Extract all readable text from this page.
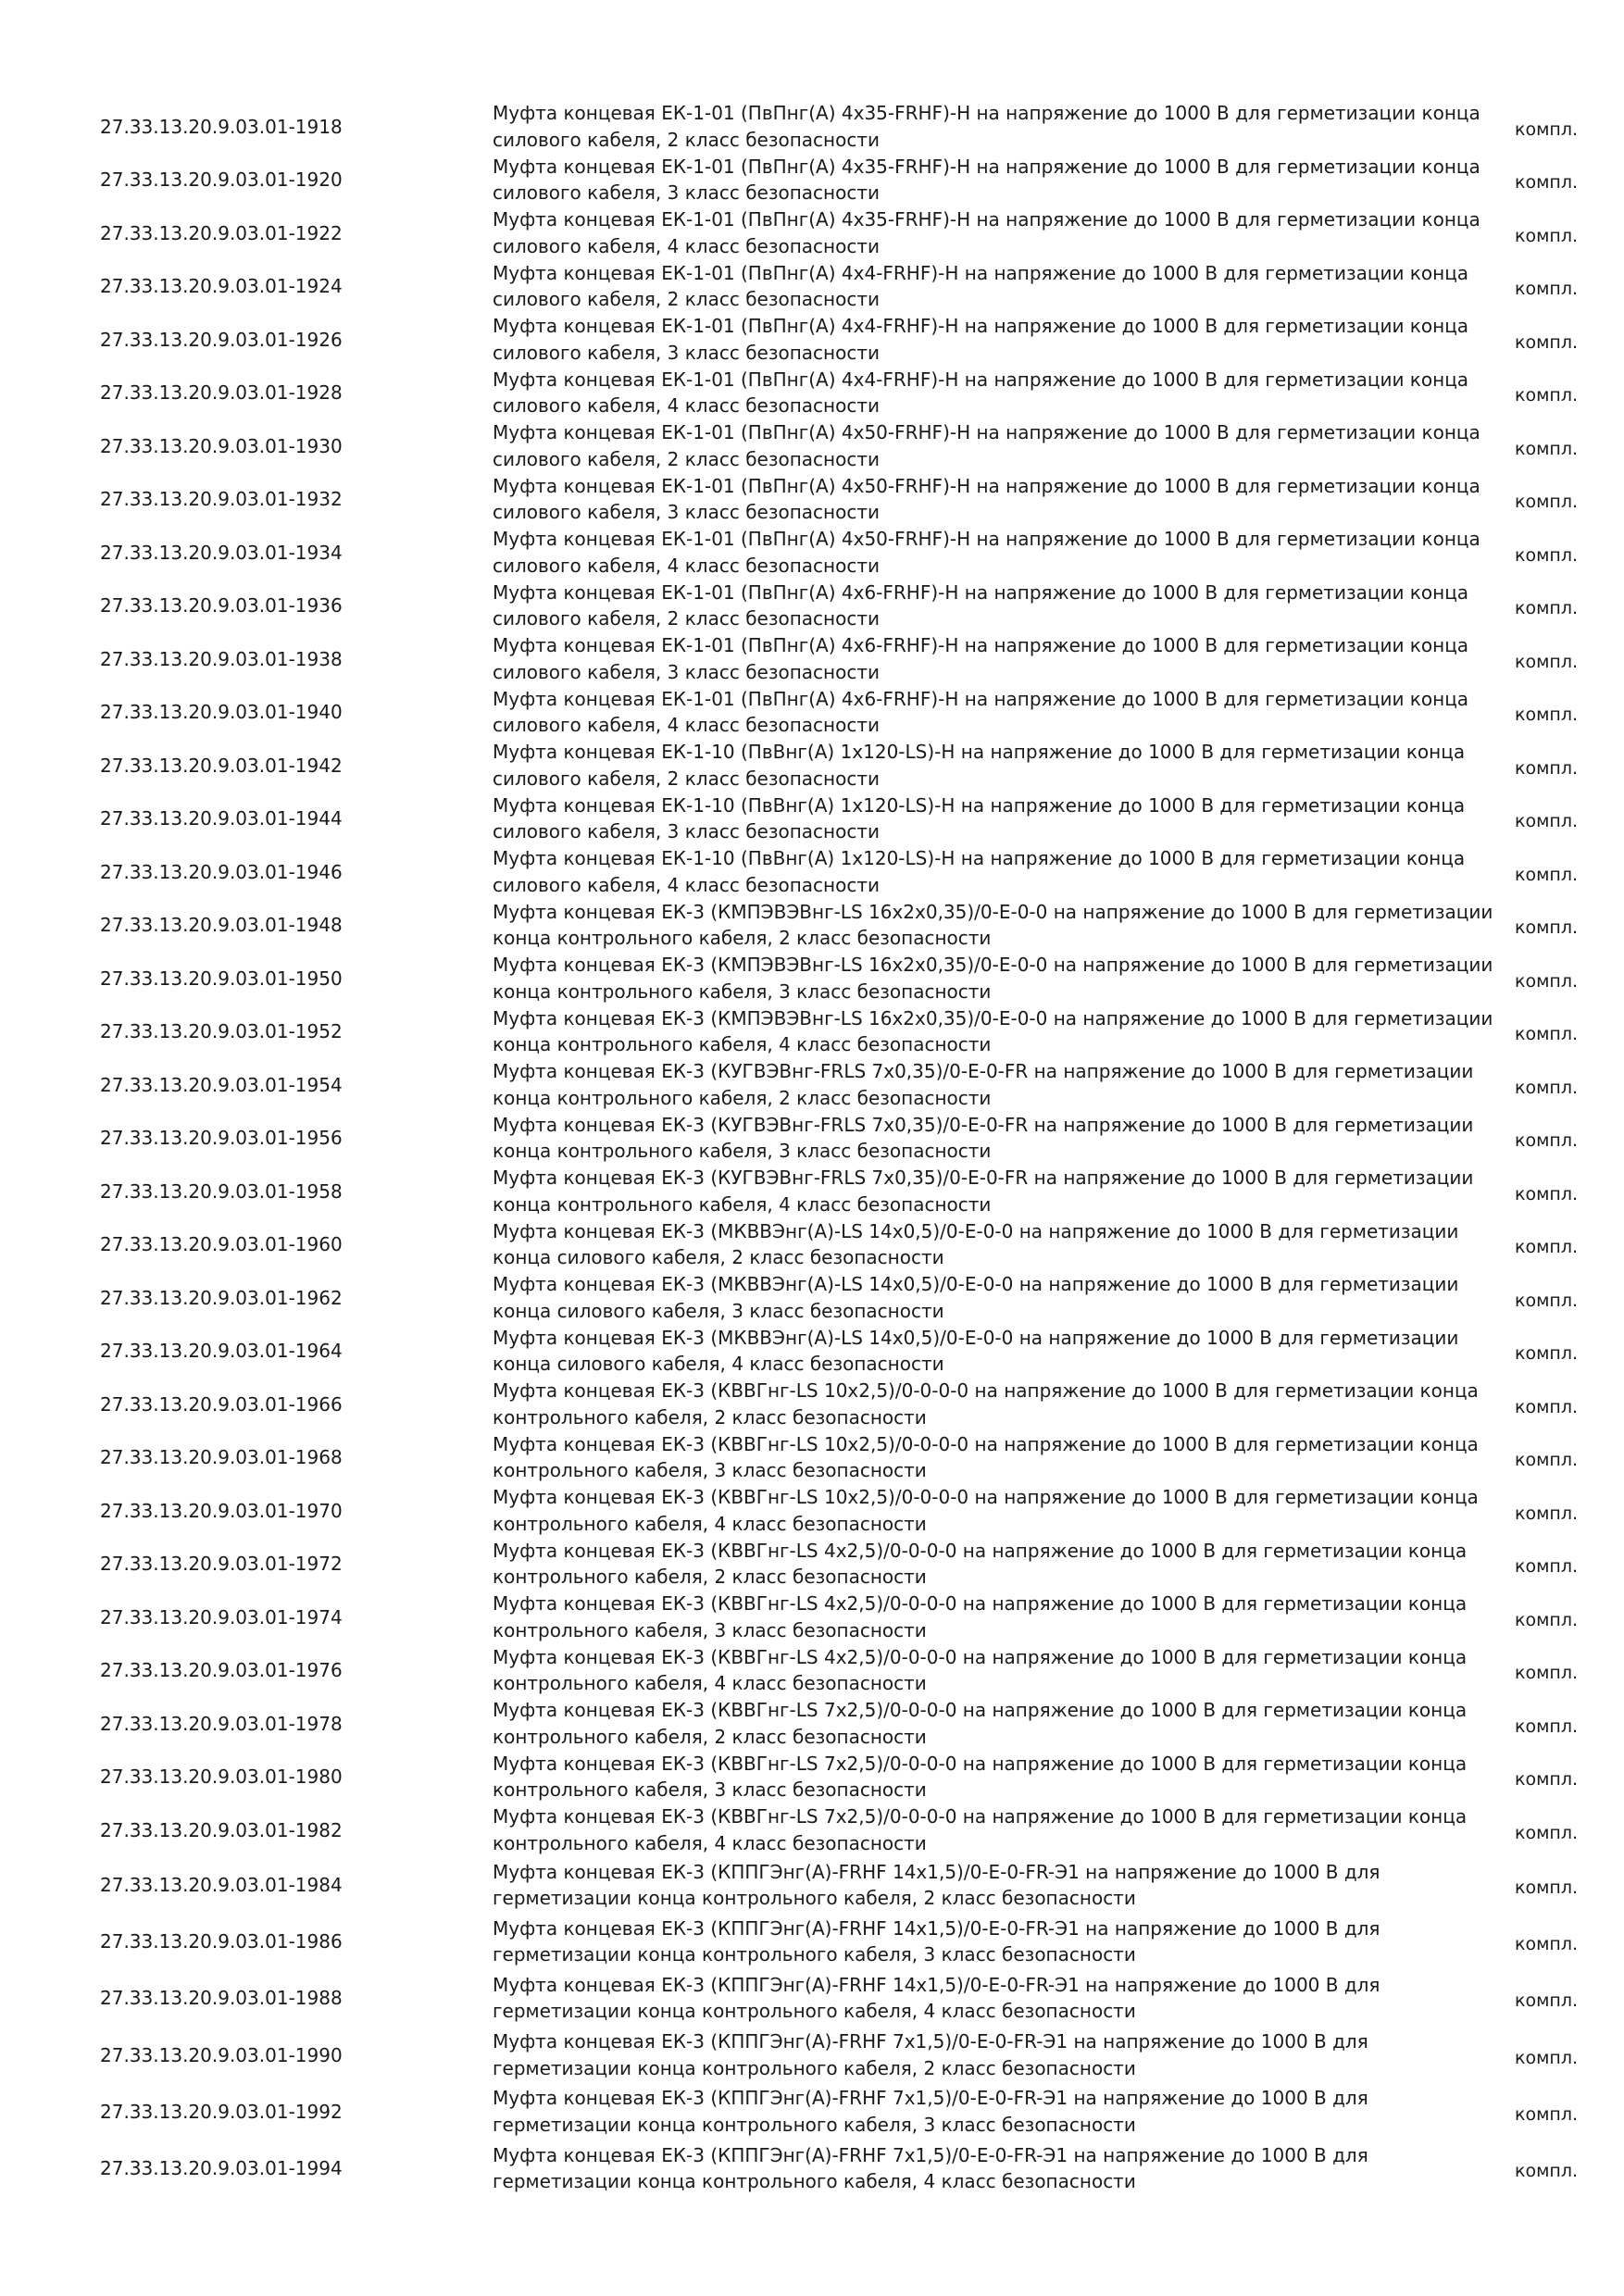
27.33.13.20.9.03.01-1918
Муфта концевая ЕК-1-01 (ПвПнг(А) 4х35-FRHF)-Н на напряжение до 1000 В для герметизации конца
силового кабеля, 2 класс безопасности	компл.
27.33.13.20.9.03.01-1920
Муфта концевая ЕК-1-01 (ПвПнг(А) 4х35-FRHF)-Н на напряжение до 1000 В для герметизации конца
силового кабеля, 3 класс безопасности	компл.
27.33.13.20.9.03.01-1922
Муфта концевая ЕК-1-01 (ПвПнг(А) 4х35-FRHF)-Н на напряжение до 1000 В для герметизации конца
силового кабеля, 4 класс безопасности	компл.
27.33.13.20.9.03.01-1924
Муфта концевая ЕК-1-01 (ПвПнг(А) 4х4-FRHF)-Н на напряжение до 1000 В для герметизации конца
силового кабеля, 2 класс безопасности	компл.
27.33.13.20.9.03.01-1926
Муфта концевая ЕК-1-01 (ПвПнг(А) 4х4-FRHF)-Н на напряжение до 1000 В для герметизации конца
силового кабеля, 3 класс безопасности	компл.
27.33.13.20.9.03.01-1928
Муфта концевая ЕК-1-01 (ПвПнг(А) 4х4-FRHF)-Н на напряжение до 1000 В для герметизации конца
силового кабеля, 4 класс безопасности	компл.
27.33.13.20.9.03.01-1930
Муфта концевая ЕК-1-01 (ПвПнг(А) 4х50-FRHF)-Н на напряжение до 1000 В для герметизации конца
силового кабеля, 2 класс безопасности	компл.
27.33.13.20.9.03.01-1932
Муфта концевая ЕК-1-01 (ПвПнг(А) 4х50-FRHF)-Н на напряжение до 1000 В для герметизации конца
силового кабеля, 3 класс безопасности	компл.
27.33.13.20.9.03.01-1934
Муфта концевая ЕК-1-01 (ПвПнг(А) 4х50-FRHF)-Н на напряжение до 1000 В для герметизации конца
силового кабеля, 4 класс безопасности	компл.
27.33.13.20.9.03.01-1936
Муфта концевая ЕК-1-01 (ПвПнг(А) 4х6-FRHF)-Н на напряжение до 1000 В для герметизации конца
силового кабеля, 2 класс безопасности	компл.
27.33.13.20.9.03.01-1938
Муфта концевая ЕК-1-01 (ПвПнг(А) 4х6-FRHF)-Н на напряжение до 1000 В для герметизации конца
силового кабеля, 3 класс безопасности	компл.
27.33.13.20.9.03.01-1940
Муфта концевая ЕК-1-01 (ПвПнг(А) 4х6-FRHF)-Н на напряжение до 1000 В для герметизации конца
силового кабеля, 4 класс безопасности	компл.
27.33.13.20.9.03.01-1942
Муфта концевая ЕК-1-10 (ПвВнг(А) 1х120-LS)-Н на напряжение до 1000 В для герметизации конца
силового кабеля, 2 класс безопасности	компл.
27.33.13.20.9.03.01-1944
Муфта концевая ЕК-1-10 (ПвВнг(А) 1х120-LS)-Н на напряжение до 1000 В для герметизации конца
силового кабеля, 3 класс безопасности	компл.
27.33.13.20.9.03.01-1946
Муфта концевая ЕК-1-10 (ПвВнг(А) 1х120-LS)-Н на напряжение до 1000 В для герметизации конца
силового кабеля, 4 класс безопасности	компл.
27.33.13.20.9.03.01-1948
Муфта концевая ЕК-3 (КМПЭВЭВнг-LS 16х2х0,35)/0-Е-0-0 на напряжение до 1000 В для герметизации
конца контрольного кабеля, 2 класс безопасности	компл.
27.33.13.20.9.03.01-1950
Муфта концевая ЕК-3 (КМПЭВЭВнг-LS 16х2х0,35)/0-Е-0-0 на напряжение до 1000 В для герметизации
конца контрольного кабеля, 3 класс безопасности	компл.
27.33.13.20.9.03.01-1952
Муфта концевая ЕК-3 (КМПЭВЭВнг-LS 16х2х0,35)/0-Е-0-0 на напряжение до 1000 В для герметизации
конца контрольного кабеля, 4 класс безопасности	компл.
27.33.13.20.9.03.01-1954
Муфта концевая ЕК-3 (КУГВЭВнг-FRLS 7х0,35)/0-Е-0-FR на напряжение до 1000 В для герметизации
конца контрольного кабеля, 2 класс безопасности	компл.
27.33.13.20.9.03.01-1956
Муфта концевая ЕК-3 (КУГВЭВнг-FRLS 7х0,35)/0-Е-0-FR на напряжение до 1000 В для герметизации
конца контрольного кабеля, 3 класс безопасности	компл.
27.33.13.20.9.03.01-1958
Муфта концевая ЕК-3 (КУГВЭВнг-FRLS 7х0,35)/0-Е-0-FR на напряжение до 1000 В для герметизации
конца контрольного кабеля, 4 класс безопасности	компл.
27.33.13.20.9.03.01-1960
Муфта концевая ЕК-3 (МКВВЭнг(А)-LS 14х0,5)/0-Е-0-0 на напряжение до 1000 В для герметизации
конца силового кабеля, 2 класс безопасности	компл.
27.33.13.20.9.03.01-1962
Муфта концевая ЕК-3 (МКВВЭнг(А)-LS 14х0,5)/0-Е-0-0 на напряжение до 1000 В для герметизации
конца силового кабеля, 3 класс безопасности	компл.
27.33.13.20.9.03.01-1964
Муфта концевая ЕК-3 (МКВВЭнг(А)-LS 14х0,5)/0-Е-0-0 на напряжение до 1000 В для герметизации
конца силового кабеля, 4 класс безопасности	компл.
27.33.13.20.9.03.01-1966
Муфта концевая ЕК-3 (КВВГнг-LS 10х2,5)/0-0-0-0 на напряжение до 1000 В для герметизации конца
контрольного кабеля, 2 класс безопасности	компл.
27.33.13.20.9.03.01-1968
Муфта концевая ЕК-3 (КВВГнг-LS 10х2,5)/0-0-0-0 на напряжение до 1000 В для герметизации конца
контрольного кабеля, 3 класс безопасности	компл.
27.33.13.20.9.03.01-1970
Муфта концевая ЕК-3 (КВВГнг-LS 10х2,5)/0-0-0-0 на напряжение до 1000 В для герметизации конца
контрольного кабеля, 4 класс безопасности	компл.
27.33.13.20.9.03.01-1972
Муфта концевая ЕК-3 (КВВГнг-LS 4х2,5)/0-0-0-0 на напряжение до 1000 В для герметизации конца
контрольного кабеля, 2 класс безопасности	компл.
27.33.13.20.9.03.01-1974
Муфта концевая ЕК-3 (КВВГнг-LS 4х2,5)/0-0-0-0 на напряжение до 1000 В для герметизации конца
контрольного кабеля, 3 класс безопасности	компл.
27.33.13.20.9.03.01-1976
Муфта концевая ЕК-3 (КВВГнг-LS 4х2,5)/0-0-0-0 на напряжение до 1000 В для герметизации конца
контрольного кабеля, 4 класс безопасности	компл.
27.33.13.20.9.03.01-1978
Муфта концевая ЕК-3 (КВВГнг-LS 7х2,5)/0-0-0-0 на напряжение до 1000 В для герметизации конца
контрольного кабеля, 2 класс безопасности	компл.
27.33.13.20.9.03.01-1980
Муфта концевая ЕК-3 (КВВГнг-LS 7х2,5)/0-0-0-0 на напряжение до 1000 В для герметизации конца
контрольного кабеля, 3 класс безопасности	компл.
27.33.13.20.9.03.01-1982
Муфта концевая ЕК-3 (КВВГнг-LS 7х2,5)/0-0-0-0 на напряжение до 1000 В для герметизации конца
контрольного кабеля, 4 класс безопасности	компл.
27.33.13.20.9.03.01-1984
Муфта концевая ЕК-3 (КППГЭнг(А)-FRHF 14х1,5)/0-Е-0-FR-Э1 на напряжение до 1000 В для
герметизации конца контрольного кабеля, 2 класс безопасности	компл.
27.33.13.20.9.03.01-1986
Муфта концевая ЕК-3 (КППГЭнг(А)-FRHF 14х1,5)/0-Е-0-FR-Э1 на напряжение до 1000 В для
герметизации конца контрольного кабеля, 3 класс безопасности	компл.
27.33.13.20.9.03.01-1988
Муфта концевая ЕК-3 (КППГЭнг(А)-FRHF 14х1,5)/0-Е-0-FR-Э1 на напряжение до 1000 В для
герметизации конца контрольного кабеля, 4 класс безопасности	компл.
27.33.13.20.9.03.01-1990
Муфта концевая ЕК-3 (КППГЭнг(А)-FRHF 7х1,5)/0-Е-0-FR-Э1 на напряжение до 1000 В для
герметизации конца контрольного кабеля, 2 класс безопасности	компл.
27.33.13.20.9.03.01-1992
Муфта концевая ЕК-3 (КППГЭнг(А)-FRHF 7х1,5)/0-Е-0-FR-Э1 на напряжение до 1000 В для
герметизации конца контрольного кабеля, 3 класс безопасности	компл.
27.33.13.20.9.03.01-1994
Муфта концевая ЕК-3 (КППГЭнг(А)-FRHF 7х1,5)/0-Е-0-FR-Э1 на напряжение до 1000 В для
герметизации конца контрольного кабеля, 4 класс безопасности	компл.
